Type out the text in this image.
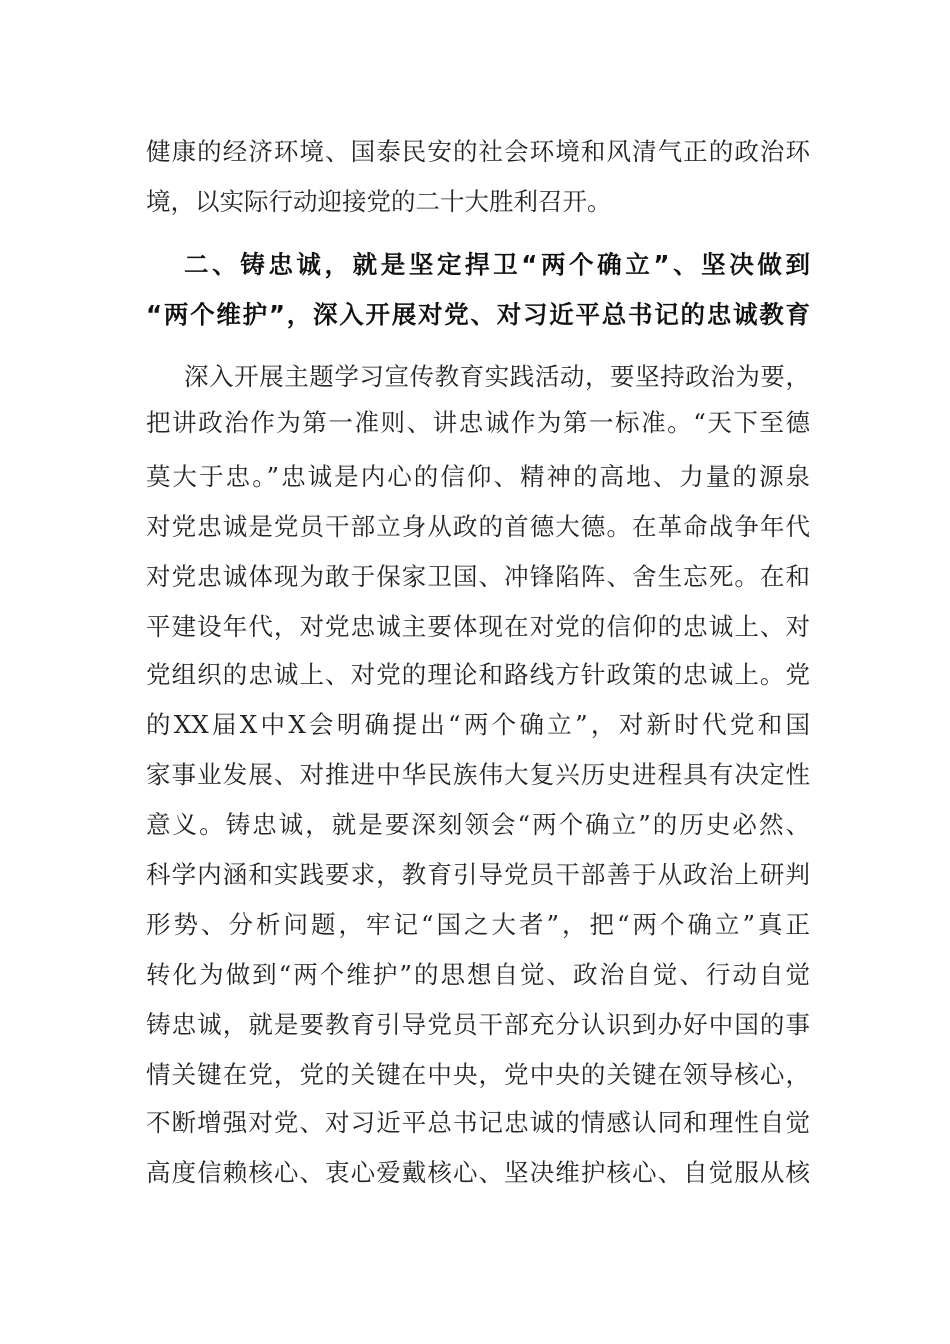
健康的经济环境、国泰民安的社会环境和风清气正的政治环
境，以实际行动迎接党的二十大胜利召开。
二、铸忠诚，就是坚定捍卫“两个确立”、坚决做到
“两个维护”，深入开展对党、对习近平总书记的忠诚教育
深入开展主题学习宣传教育实践活动，要坚持政治为要，
把讲政治作为第一准则、讲忠诚作为第一标准。“天下至德
莫大于忠。”忠诚是内心的信仰、精神的高地、力量的源泉
对党忠诚是党员干部立身从政的首德大德。在革命战争年代
对党忠诚体现为敢于保家卫国、冲锋陷阵、舍生忘死。在和
平建设年代，对党忠诚主要体现在对党的信仰的忠诚上、对
党组织的忠诚上、对党的理论和路线方针政策的忠诚上。党
的XX届X中X会明确提出“两个确立”，对新时代党和国
家事业发展、对推进中华民族伟大复兴历史进程具有决定性
意义。铸忠诚，就是要深刻领会“两个确立”的历史必然、
科学内涵和实践要求，教育引导党员干部善于从政治上研判
形势、分析问题，牢记“国之大者”，把“两个确立”真正
转化为做到“两个维护”的思想自觉、政治自觉、行动自觉
铸忠诚，就是要教育引导党员干部充分认识到办好中国的事
情关键在党，党的关键在中央，党中央的关键在领导核心，
不断增强对党、对习近平总书记忠诚的情感认同和理性自觉
高度信赖核心、衷心爱戴核心、坚决维护核心、自觉服从核
